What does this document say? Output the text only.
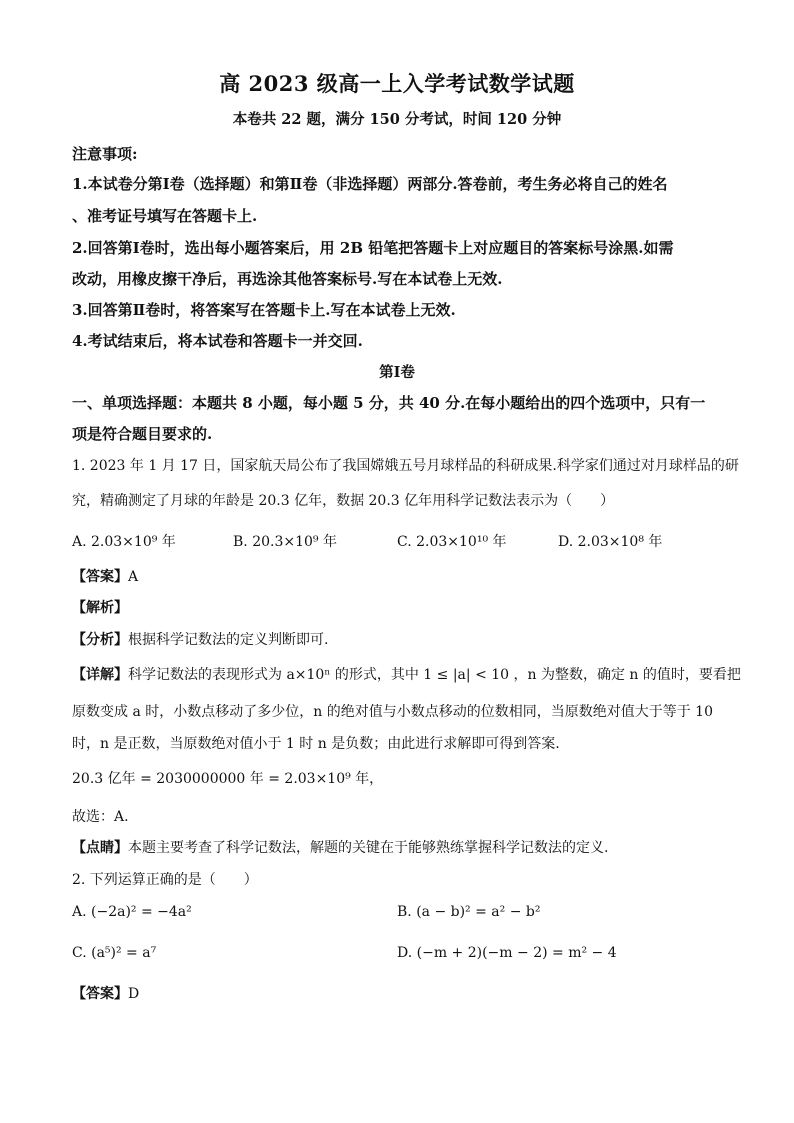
高 2023 级高一上入学考试数学试题
本卷共 22 题，满分 150 分考试，时间 120 分钟
注意事项:
1.本试卷分第Ⅰ卷（选择题）和第Ⅱ卷（非选择题）两部分.答卷前，考生务必将自己的姓名
、准考证号填写在答题卡上.
2.回答第Ⅰ卷时，选出每小题答案后，用 2B 铅笔把答题卡上对应题目的答案标号涂黑.如需
改动，用橡皮擦干净后，再选涂其他答案标号.写在本试卷上无效.
3.回答第Ⅱ卷时，将答案写在答题卡上.写在本试卷上无效.
4.考试结束后，将本试卷和答题卡一并交回.
第Ⅰ卷
一、单项选择题：本题共 8 小题，每小题 5 分，共 40 分.在每小题给出的四个选项中，只有一
项是符合题目要求的.
1. 2023 年 1 月 17 日，国家航天局公布了我国嫦娥五号月球样品的科研成果.科学家们通过对月球样品的研
究，精确测定了月球的年龄是 20.3 亿年，数据 20.3 亿年用科学记数法表示为（　　）
A. 2.03×10⁹ 年	B. 20.3×10⁹ 年	C. 2.03×10¹⁰ 年	D. 2.03×10⁸ 年
【答案】A
【解析】
【分析】根据科学记数法的定义判断即可.
【详解】科学记数法的表现形式为 a×10ⁿ 的形式，其中 1 ≤ |a| < 10 ，n 为整数，确定 n 的值时，要看把
原数变成 a 时，小数点移动了多少位，n 的绝对值与小数点移动的位数相同，当原数绝对值大于等于 10
时，n 是正数，当原数绝对值小于 1 时 n 是负数；由此进行求解即可得到答案.
20.3 亿年 = 2030000000 年 = 2.03×10⁹ 年，
故选：A.
【点睛】本题主要考查了科学记数法，解题的关键在于能够熟练掌握科学记数法的定义.
2. 下列运算正确的是（　　）
A. (−2a)² = −4a²	B. (a − b)² = a² − b²
C. (a⁵)² = a⁷	D. (−m + 2)(−m − 2) = m² − 4
【答案】D
